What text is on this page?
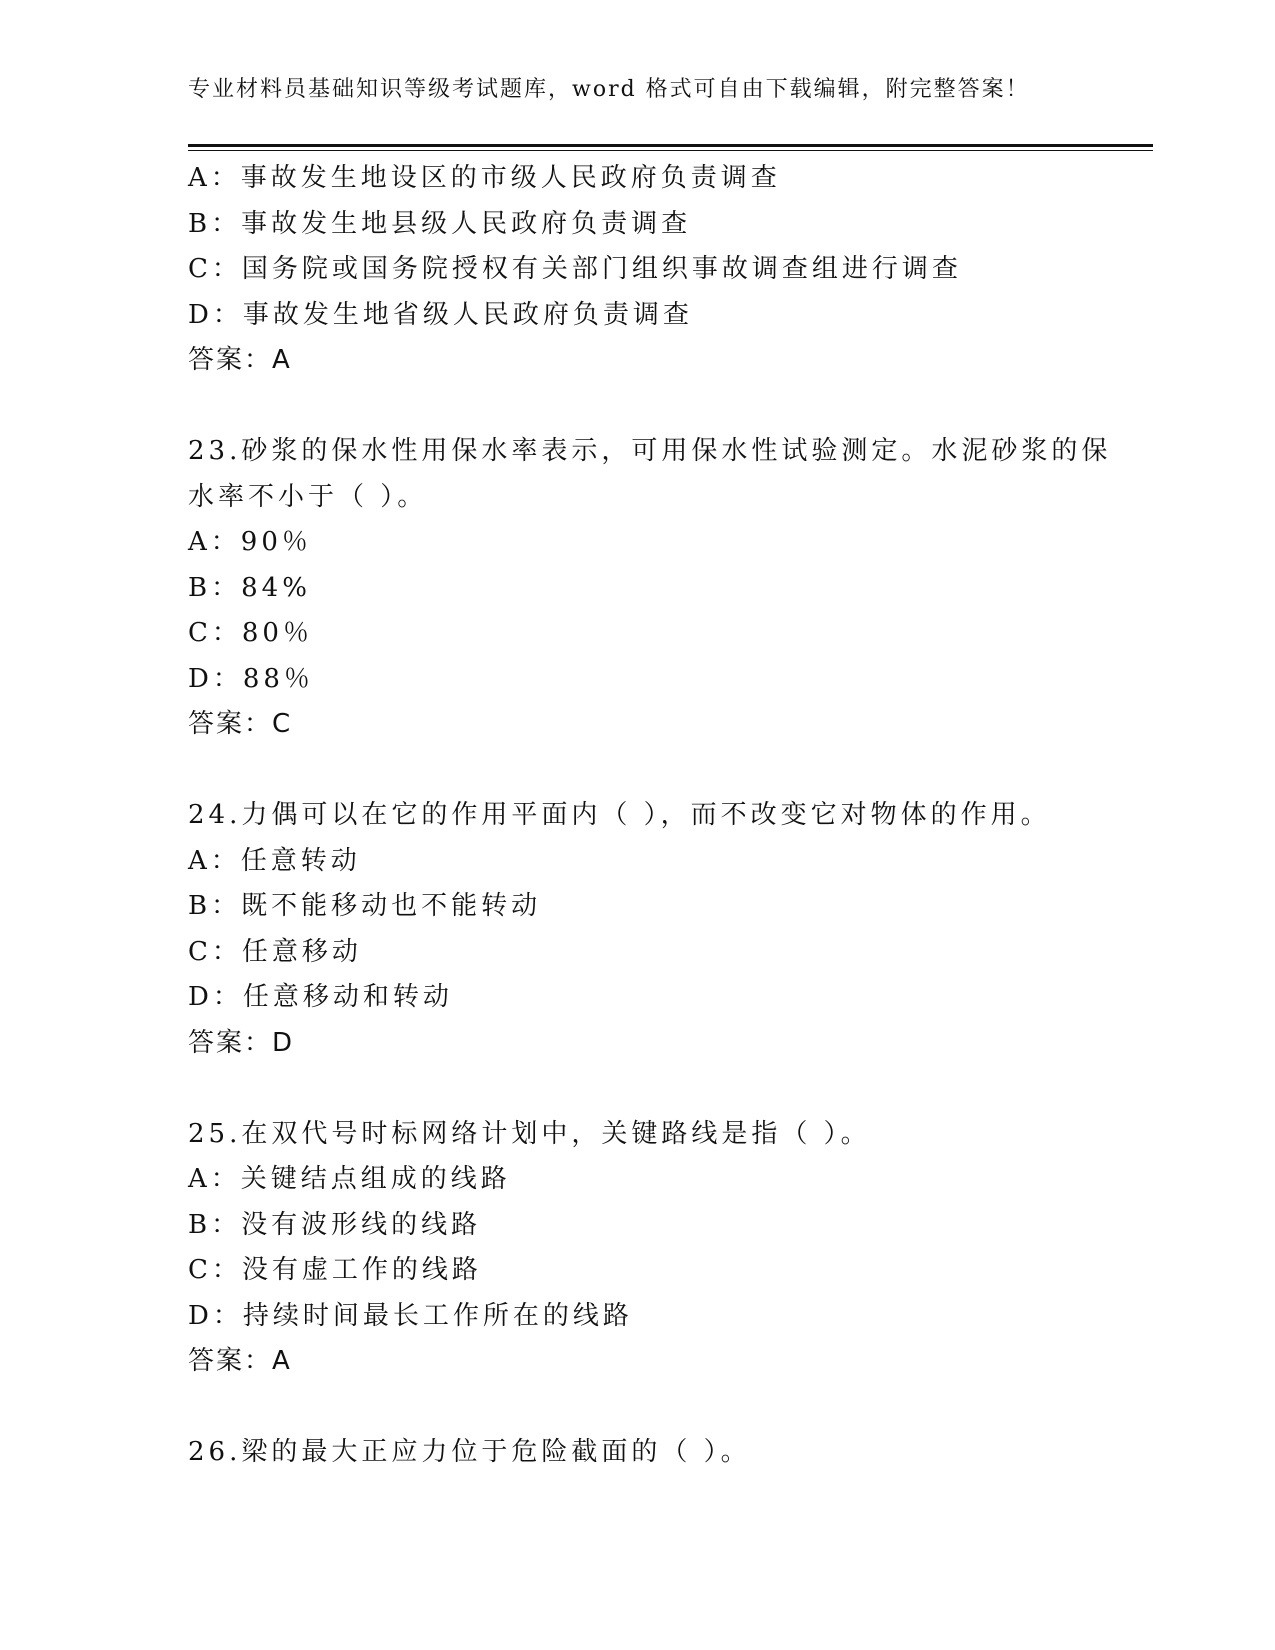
专业材料员基础知识等级考试题库，word 格式可自由下载编辑，附完整答案！
A：事故发生地设区的市级人民政府负责调查
B：事故发生地县级人民政府负责调查
C：国务院或国务院授权有关部门组织事故调查组进行调查
D：事故发生地省级人民政府负责调查
答案：A
23.砂浆的保水性用保水率表示，可用保水性试验测定。水泥砂浆的保
水率不小于（ ）。
A：90％
B：84%
C：80％
D：88％
答案：C
24.力偶可以在它的作用平面内（ ），而不改变它对物体的作用。
A：任意转动
B：既不能移动也不能转动
C：任意移动
D：任意移动和转动
答案：D
25.在双代号时标网络计划中，关键路线是指（ ）。
A：关键结点组成的线路
B：没有波形线的线路
C：没有虚工作的线路
D：持续时间最长工作所在的线路
答案：A
26.梁的最大正应力位于危险截面的（ ）。
